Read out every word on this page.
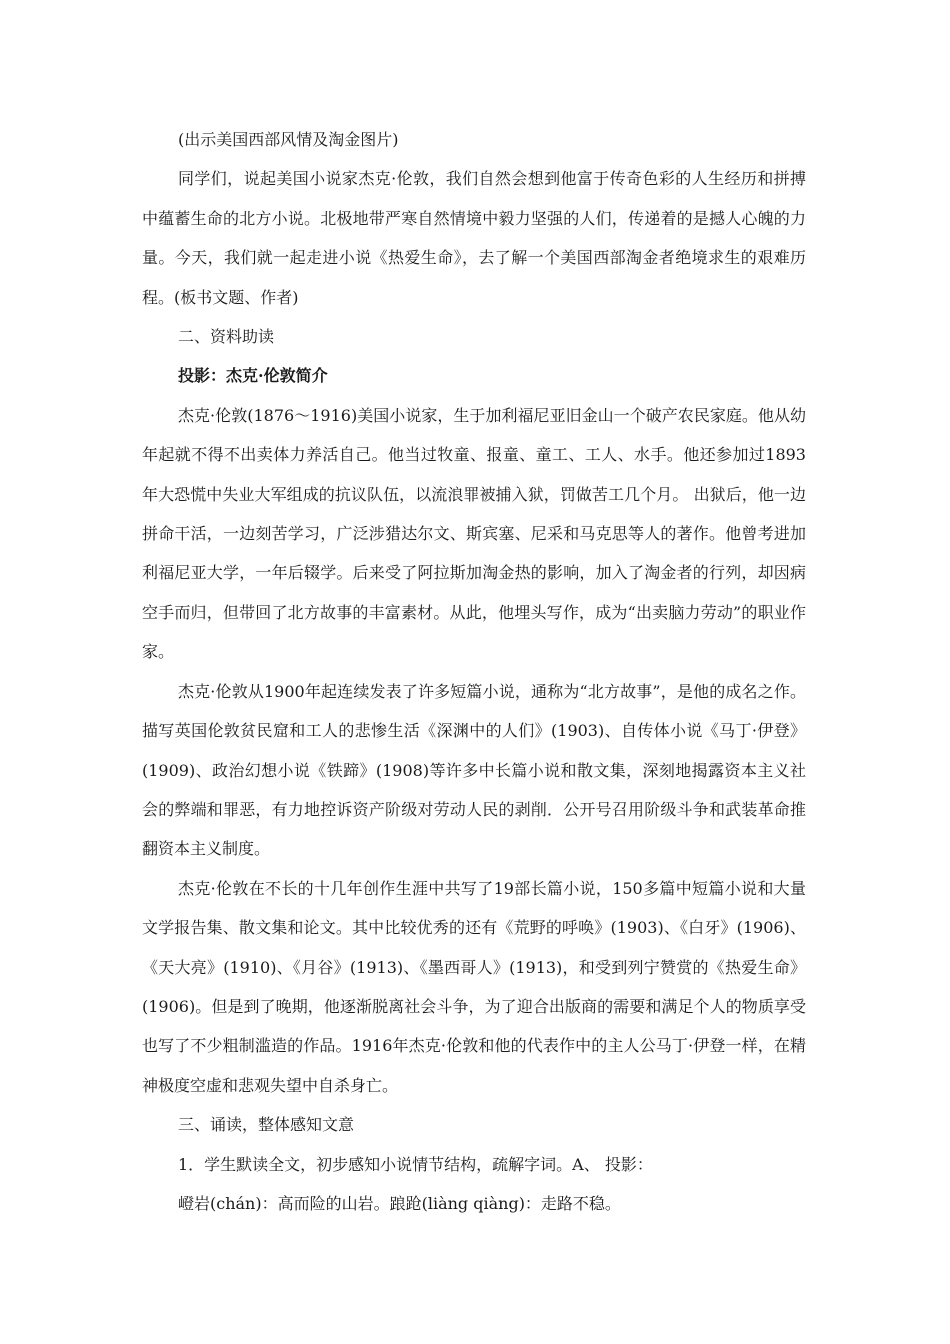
(出示美国西部风情及淘金图片)

同学们，说起美国小说家杰克·伦敦，我们自然会想到他富于传奇色彩的人生经历和拼搏中蕴蓄生命的北方小说。北极地带严寒自然情境中毅力坚强的人们，传递着的是撼人心魄的力量。今天，我们就一起走进小说《热爱生命》，去了解一个美国西部淘金者绝境求生的艰难历程。(板书文题、作者)

二、资料助读

投影：杰克·伦敦简介

杰克·伦敦(1876～1916)美国小说家，生于加利福尼亚旧金山一个破产农民家庭。他从幼年起就不得不出卖体力养活自己。他当过牧童、报童、童工、工人、水手。他还参加过1893年大恐慌中失业大军组成的抗议队伍，以流浪罪被捕入狱，罚做苦工几个月。 出狱后，他一边拼命干活，一边刻苦学习，广泛涉猎达尔文、斯宾塞、尼采和马克思等人的著作。他曾考进加利福尼亚大学，一年后辍学。后来受了阿拉斯加淘金热的影响，加入了淘金者的行列，却因病空手而归，但带回了北方故事的丰富素材。从此，他埋头写作，成为“出卖脑力劳动”的职业作家。

杰克·伦敦从1900年起连续发表了许多短篇小说，通称为“北方故事”，是他的成名之作。描写英国伦敦贫民窟和工人的悲惨生活《深渊中的人们》(1903)、自传体小说《马丁·伊登》(1909)、政治幻想小说《铁蹄》(1908)等许多中长篇小说和散文集，深刻地揭露资本主义社会的弊端和罪恶，有力地控诉资产阶级对劳动人民的剥削．公开号召用阶级斗争和武装革命推翻资本主义制度。

杰克·伦敦在不长的十几年创作生涯中共写了19部长篇小说，150多篇中短篇小说和大量文学报告集、散文集和论文。其中比较优秀的还有《荒野的呼唤》(1903)、《白牙》(1906)、《天大亮》(1910)、《月谷》(1913)、《墨西哥人》(1913)，和受到列宁赞赏的《热爱生命》(1906)。但是到了晚期，他逐渐脱离社会斗争，为了迎合出版商的需要和满足个人的物质享受也写了不少粗制滥造的作品。1916年杰克·伦敦和他的代表作中的主人公马丁·伊登一样，在精神极度空虚和悲观失望中自杀身亡。

三、诵读，整体感知文意

1．学生默读全文，初步感知小说情节结构，疏解字词。A、 投影：

嶝岩(chán)：高而险的山岩。踉跄(liàng qiàng)：走路不稳。
